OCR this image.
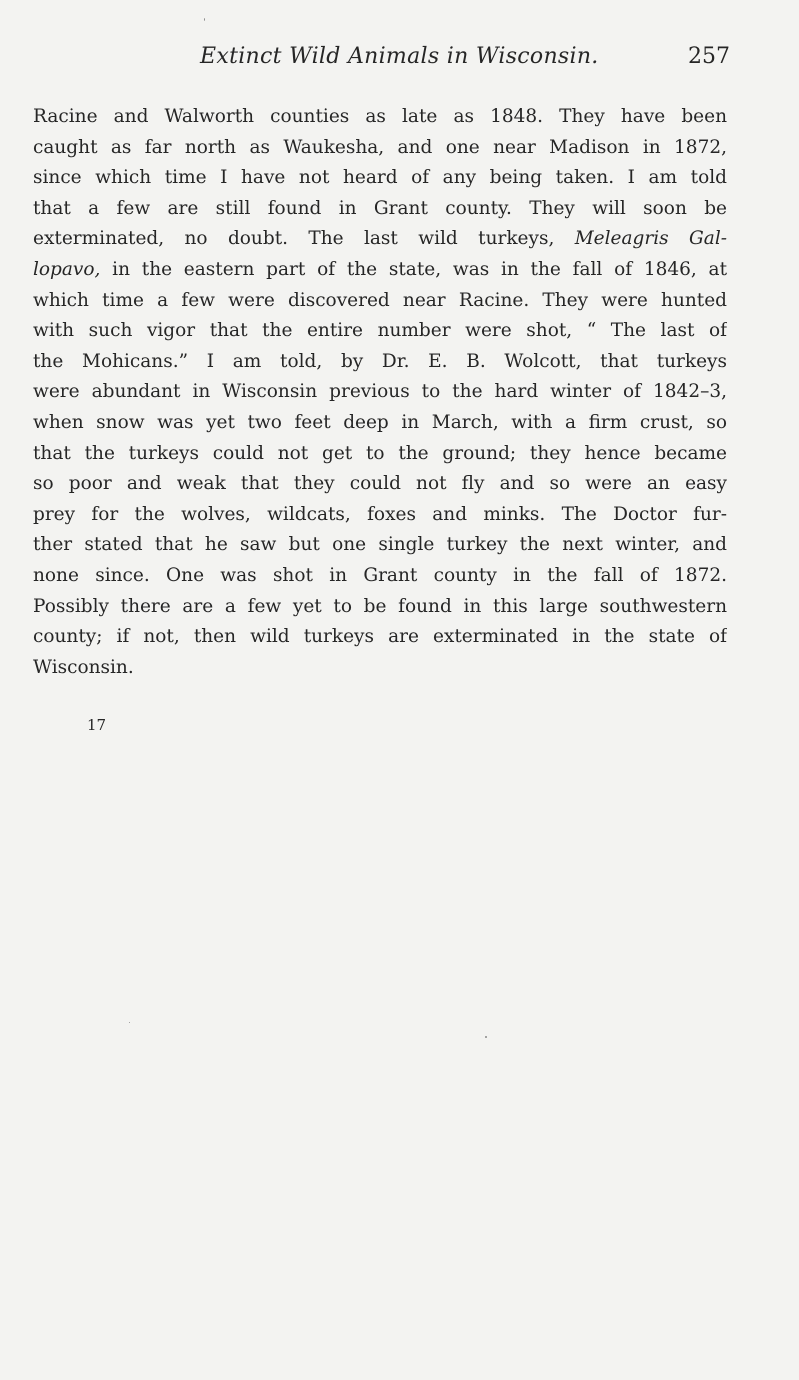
Extinct Wild Animals in Wisconsin.	257
Racine and Walworth counties as late as 1848. They have been
caught as far north as Waukesha, and one near Madison in 1872,
since which time I have not heard of any being taken. I am told
that a few are still found in Grant county. They will soon be
exterminated, no doubt. The last wild turkeys, Meleagris Gal-
lopavo, in the eastern part of the state, was in the fall of 1846, at
which time a few were discovered near Racine. They were hunted
with such vigor that the entire number were shot, “ The last of
the Mohicans.” I am told, by Dr. E. B. Wolcott, that turkeys
were abundant in Wisconsin previous to the hard winter of 1842–3,
when snow was yet two feet deep in March, with a firm crust, so
that the turkeys could not get to the ground; they hence became
so poor and weak that they could not fly and so were an easy
prey for the wolves, wildcats, foxes and minks. The Doctor fur-
ther stated that he saw but one single turkey the next winter, and
none since. One was shot in Grant county in the fall of 1872.
Possibly there are a few yet to be found in this large southwestern
county; if not, then wild turkeys are exterminated in the state of
Wisconsin.
17
